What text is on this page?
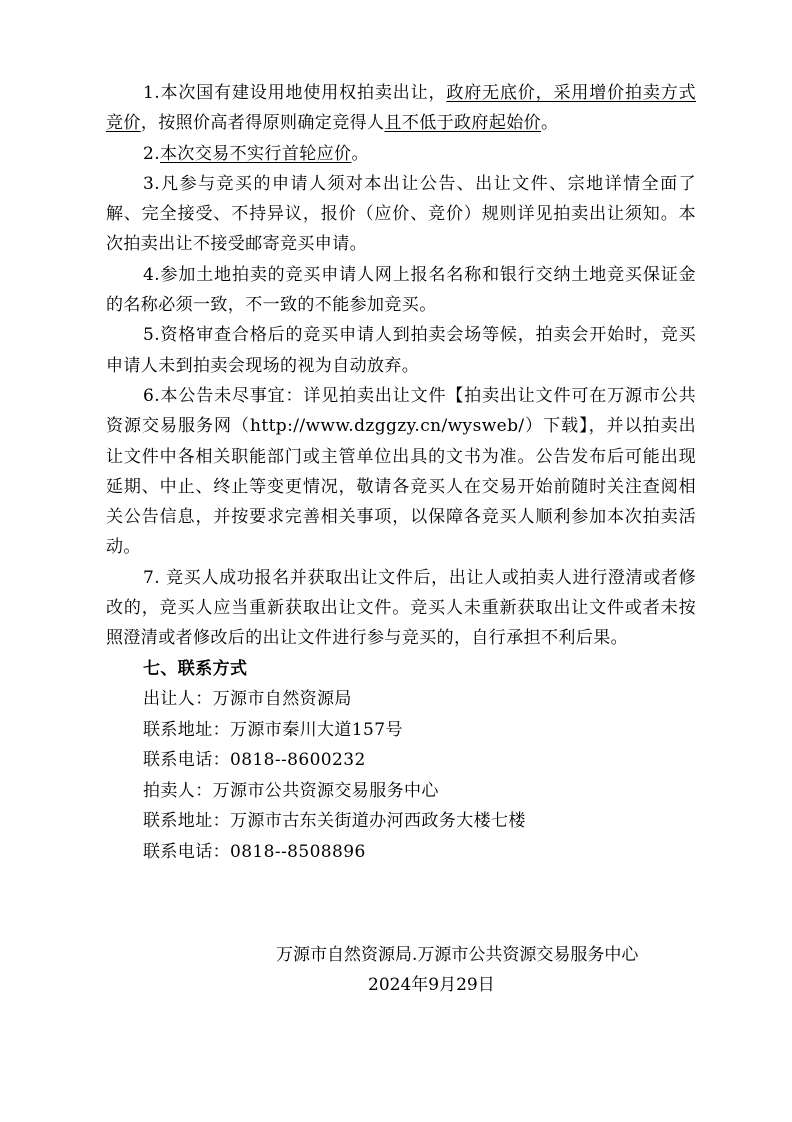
1.本次国有建设用地使用权拍卖出让，政府无底价，采用增价拍卖方式竞价，按照价高者得原则确定竞得人且不低于政府起始价。

2.本次交易不实行首轮应价。

3.凡参与竞买的申请人须对本出让公告、出让文件、宗地详情全面了解、完全接受、不持异议，报价（应价、竞价）规则详见拍卖出让须知。本次拍卖出让不接受邮寄竞买申请。

4.参加土地拍卖的竞买申请人网上报名名称和银行交纳土地竞买保证金的名称必须一致，不一致的不能参加竞买。

5.资格审查合格后的竞买申请人到拍卖会场等候，拍卖会开始时，竞买申请人未到拍卖会现场的视为自动放弃。

6.本公告未尽事宜：详见拍卖出让文件【拍卖出让文件可在万源市公共资源交易服务网（http://www.dzggzy.cn/wysweb/）下载】，并以拍卖出让文件中各相关职能部门或主管单位出具的文书为准。公告发布后可能出现延期、中止、终止等变更情况，敬请各竞买人在交易开始前随时关注查阅相关公告信息，并按要求完善相关事项，以保障各竞买人顺利参加本次拍卖活动。

7. 竞买人成功报名并获取出让文件后，出让人或拍卖人进行澄清或者修改的，竞买人应当重新获取出让文件。竞买人未重新获取出让文件或者未按照澄清或者修改后的出让文件进行参与竞买的，自行承担不利后果。

七、联系方式

出让人：万源市自然资源局

联系地址：万源市秦川大道157号

联系电话：0818--8600232

拍卖人：万源市公共资源交易服务中心

联系地址：万源市古东关街道办河西政务大楼七楼

联系电话：0818--8508896

万源市自然资源局.万源市公共资源交易服务中心
2024年9月29日
